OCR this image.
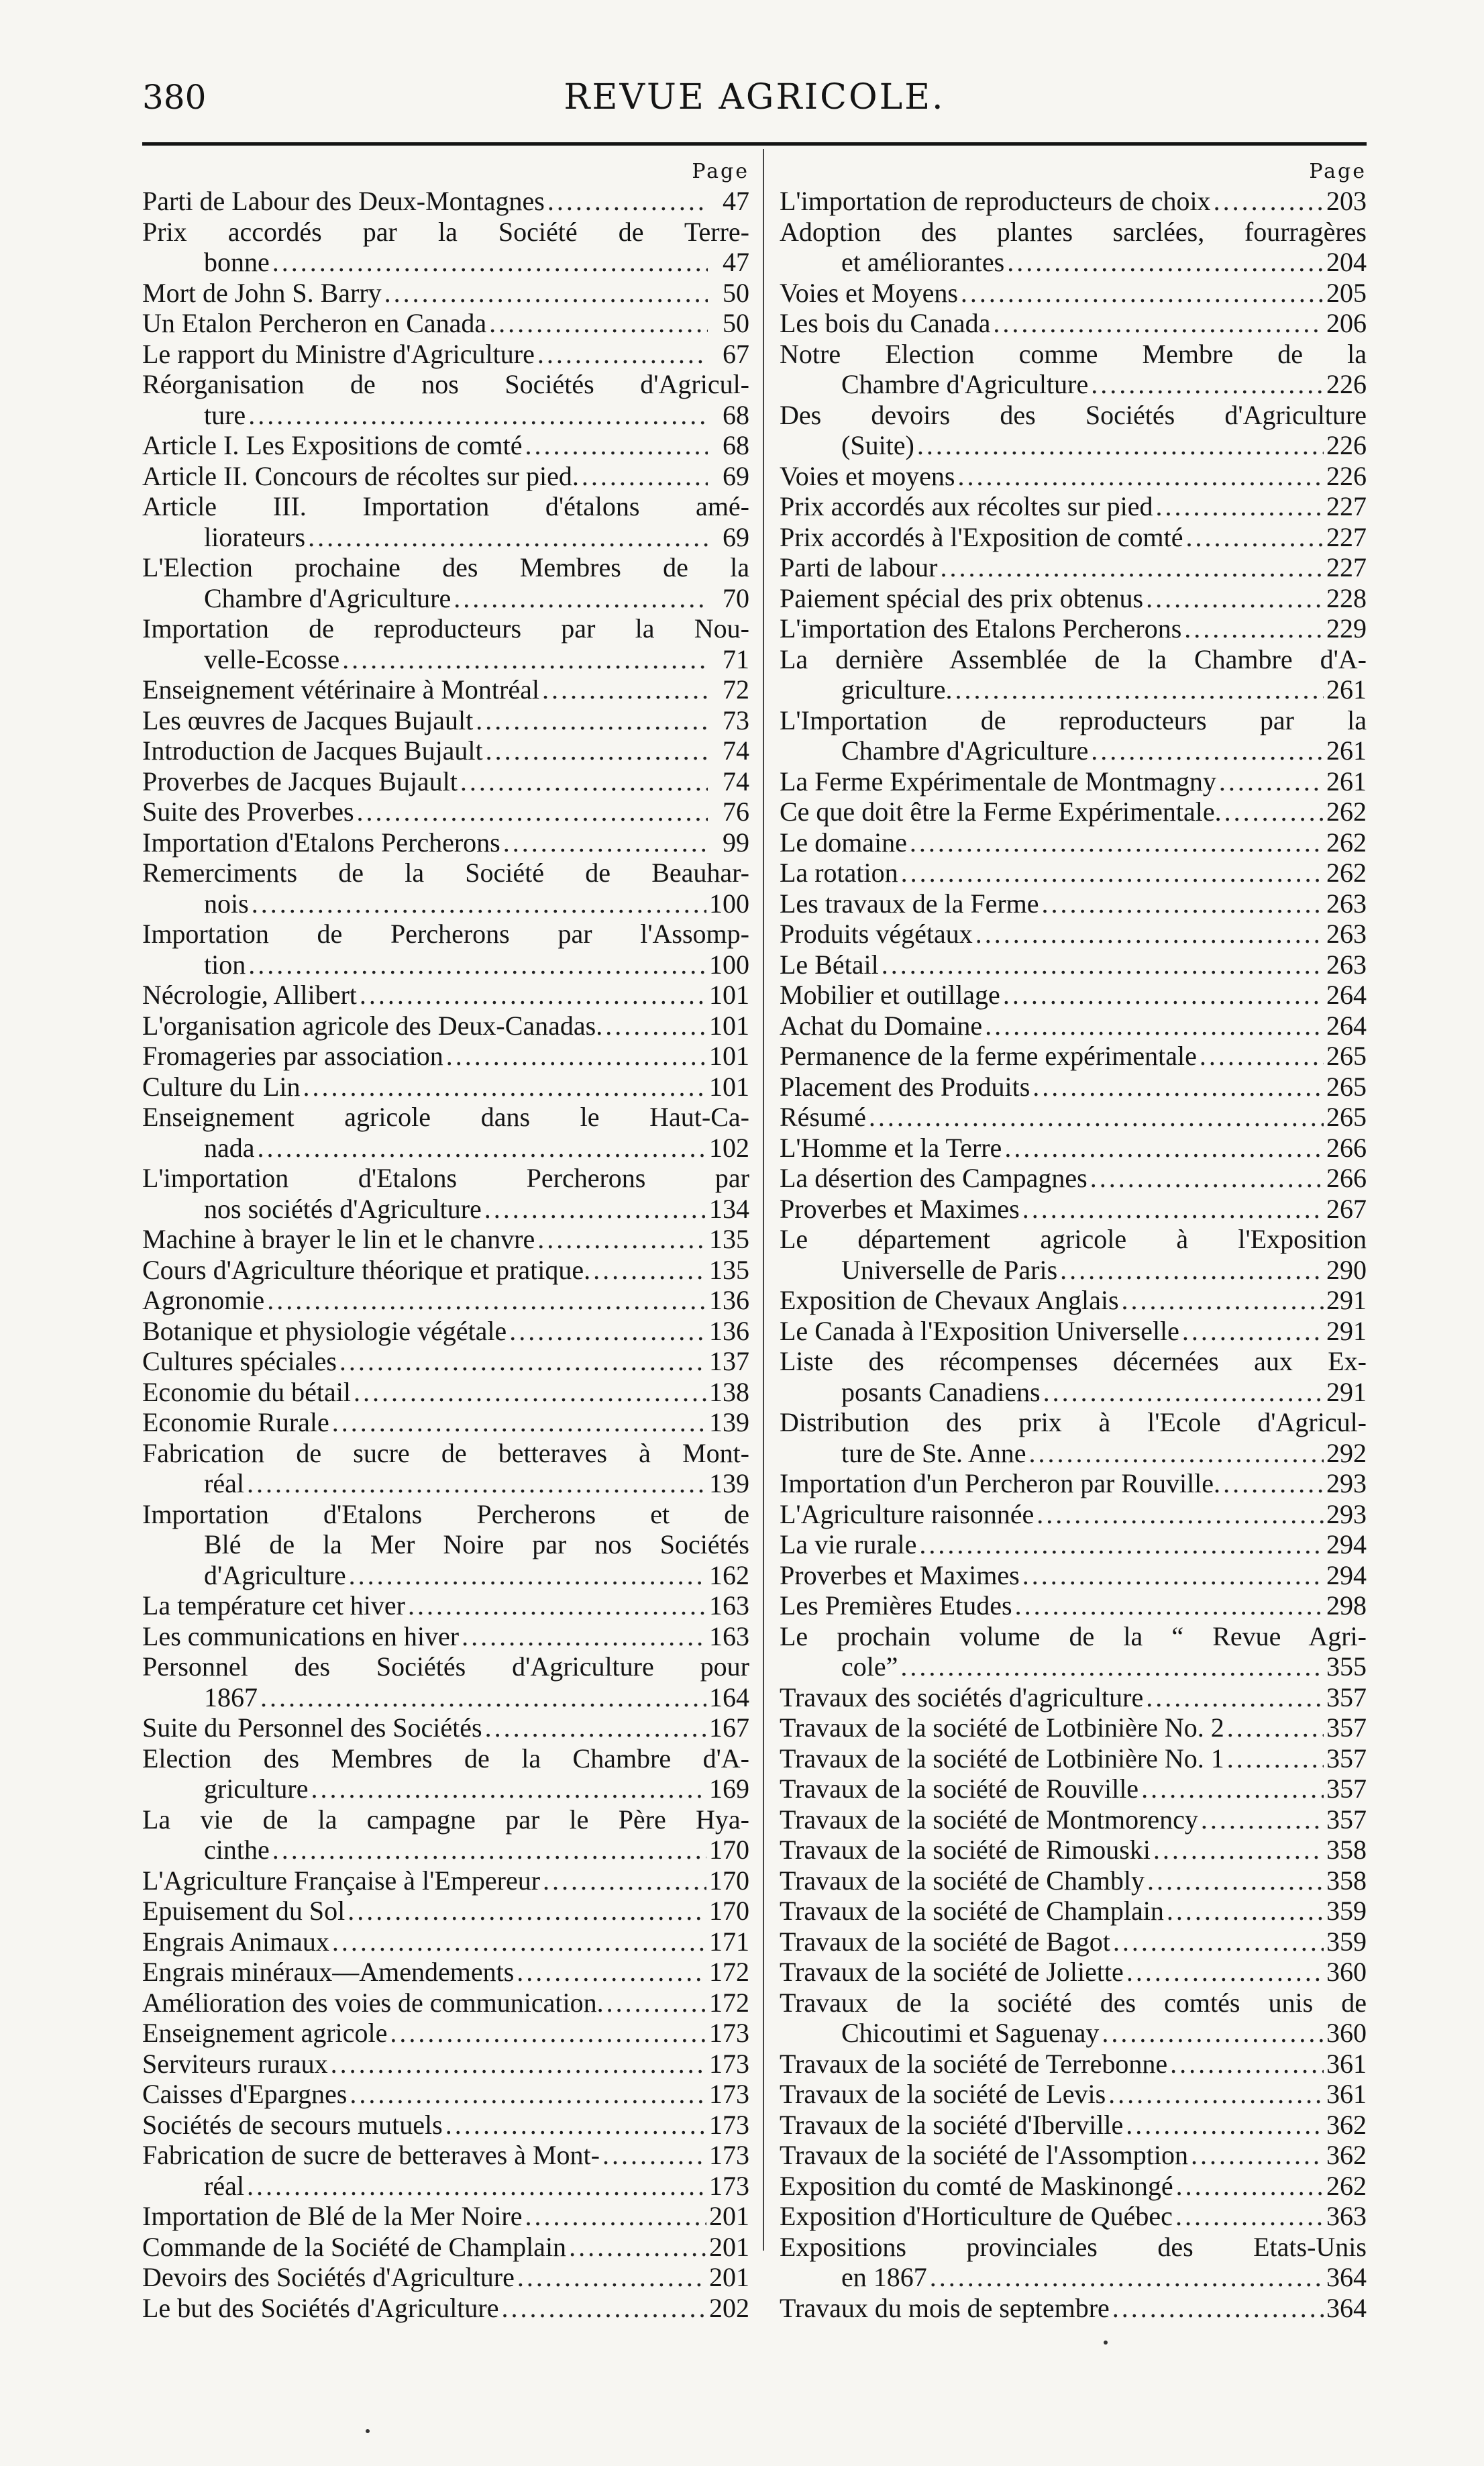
380	REVUE AGRICOLE.
Page
Parti de Labour des Deux-Montagnes .....	47
Prix accordés par la Société de Terre-
bonne .....	47
Mort de John S. Barry .....	50
Un Etalon Percheron en Canada .....	50
Le rapport du Ministre d'Agriculture .....	67
Réorganisation de nos Sociétés d'Agricul-
ture .....	68
Article I. Les Expositions de comté .....	68
Article II. Concours de récoltes sur pied. .....	69
Article III. Importation d'étalons amé-
liorateurs .....	69
L'Election prochaine des Membres de la
Chambre d'Agriculture .....	70
Importation de reproducteurs par la Nou-
velle-Ecosse .....	71
Enseignement vétérinaire à Montréal .....	72
Les œuvres de Jacques Bujault .....	73
Introduction de Jacques Bujault .....	74
Proverbes de Jacques Bujault .....	74
Suite des Proverbes .....	76
Importation d'Etalons Percherons .....	99
Remerciments de la Société de Beauhar-
nois .....	100
Importation de Percherons par l'Assomp-
tion .....	100
Nécrologie, Allibert .....	101
L'organisation agricole des Deux-Canadas. .....	101
Fromageries par association .....	101
Culture du Lin .....	101
Enseignement agricole dans le Haut-Ca-
nada .....	102
L'importation d'Etalons Percherons par
nos sociétés d'Agriculture .....	134
Machine à brayer le lin et le chanvre .....	135
Cours d'Agriculture théorique et pratique. .....	135
Agronomie .....	136
Botanique et physiologie végétale .....	136
Cultures spéciales .....	137
Economie du bétail .....	138
Economie Rurale .....	139
Fabrication de sucre de betteraves à Mont-
réal .....	139
Importation d'Etalons Percherons et de
Blé de la Mer Noire par nos Sociétés
d'Agriculture .....	162
La température cet hiver .....	163
Les communications en hiver .....	163
Personnel des Sociétés d'Agriculture pour
1867 .....	164
Suite du Personnel des Sociétés .....	167
Election des Membres de la Chambre d'A-
griculture .....	169
La vie de la campagne par le Père Hya-
cinthe .....	170
L'Agriculture Française à l'Empereur .....	170
Epuisement du Sol .....	170
Engrais Animaux .....	171
Engrais minéraux—Amendements .....	172
Amélioration des voies de communication. .....	172
Enseignement agricole .....	173
Serviteurs ruraux .....	173
Caisses d'Epargnes .....	173
Sociétés de secours mutuels .....	173
Fabrication de sucre de betteraves à Mont- .....	173
réal .....	173
Importation de Blé de la Mer Noire .....	201
Commande de la Société de Champlain .....	201
Devoirs des Sociétés d'Agriculture .....	201
Le but des Sociétés d'Agriculture .....	202
Page
L'importation de reproducteurs de choix .....	203
Adoption des plantes sarclées, fourragères
et améliorantes .....	204
Voies et Moyens .....	205
Les bois du Canada .....	206
Notre Election comme Membre de la
Chambre d'Agriculture .....	226
Des devoirs des Sociétés d'Agriculture
(Suite) .....	226
Voies et moyens .....	226
Prix accordés aux récoltes sur pied .....	227
Prix accordés à l'Exposition de comté .....	227
Parti de labour .....	227
Paiement spécial des prix obtenus .....	228
L'importation des Etalons Percherons .....	229
La dernière Assemblée de la Chambre d'A-
griculture. .....	261
L'Importation de reproducteurs par la
Chambre d'Agriculture .....	261
La Ferme Expérimentale de Montmagny .....	261
Ce que doit être la Ferme Expérimentale. .....	262
Le domaine .....	262
La rotation .....	262
Les travaux de la Ferme .....	263
Produits végétaux .....	263
Le Bétail .....	263
Mobilier et outillage .....	264
Achat du Domaine .....	264
Permanence de la ferme expérimentale .....	265
Placement des Produits .....	265
Résumé .....	265
L'Homme et la Terre .....	266
La désertion des Campagnes .....	266
Proverbes et Maximes .....	267
Le département agricole à l'Exposition
Universelle de Paris .....	290
Exposition de Chevaux Anglais .....	291
Le Canada à l'Exposition Universelle .....	291
Liste des récompenses décernées aux Ex-
posants Canadiens .....	291
Distribution des prix à l'Ecole d'Agricul-
ture de Ste. Anne .....	292
Importation d'un Percheron par Rouville. .....	293
L'Agriculture raisonnée .....	293
La vie rurale .....	294
Proverbes et Maximes .....	294
Les Premières Etudes .....	298
Le prochain volume de la “ Revue Agri-
cole” .....	355
Travaux des sociétés d'agriculture .....	357
Travaux de la société de Lotbinière No. 2 .....	357
Travaux de la société de Lotbinière No. 1 .....	357
Travaux de la société de Rouville .....	357
Travaux de la société de Montmorency .....	357
Travaux de la société de Rimouski .....	358
Travaux de la société de Chambly .....	358
Travaux de la société de Champlain .....	359
Travaux de la société de Bagot .....	359
Travaux de la société de Joliette .....	360
Travaux de la société des comtés unis de
Chicoutimi et Saguenay .....	360
Travaux de la société de Terrebonne .....	361
Travaux de la société de Levis .....	361
Travaux de la société d'Iberville .....	362
Travaux de la société de l'Assomption .....	362
Exposition du comté de Maskinongé .....	262
Exposition d'Horticulture de Québec .....	363
Expositions provinciales des Etats-Unis
en 1867 .....	364
Travaux du mois de septembre .....	364
